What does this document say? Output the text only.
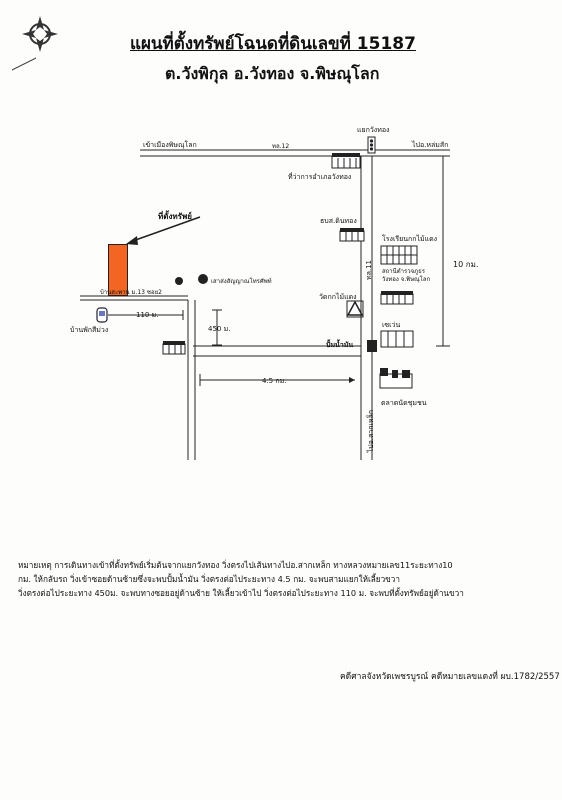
N	แผนที่ตั้งทรัพย์โฉนดที่ดินเลขที่ 15187
ต.วังพิกุล อ.วังทอง จ.พิษณุโลก
แยกวังทอง
เข้าเมืองพิษณุโลก	ไปอ.หล่มสัก
ทล.12
ที่ว่าการอำเภอวังทอง
ที่ตั้งทรัพย์	ธบส.ดินทอง
โรงเรียนกกไม้แดง
สถานีตำรวจภูธรวังทอง จ.พิษณุโลก
10 กม.
ทล.11
วัดกกไม้แดง
เสาส่งสัญญาณโทรศัพท์
บ้านสะพาน ม.13 ซอย2
เซเว่น
110 ม.
450 ม.
ปั้มน้ำมัน
บ้านพักสีม่วง
4.5 กม.
ตลาดนัดชุมชน
ไปอ.สากเหล็ก

หมายเหตุ การเดินทางเข้าที่ตั้งทรัพย์เริ่มต้นจากแยกวังทอง วิ่งตรงไปเส้นทางไปอ.สากเหล็ก ทางหลวงหมายเลข11ระยะทาง10

กม. ให้กลับรถ วิ่งเข้าซอยด้านซ้ายซึ่งจะพบปั้มน้ำมัน วิ่งตรงต่อไประยะทาง 4.5 กม. จะพบสามแยกให้เลี้ยวขวา

วิ่งตรงต่อไประยะทาง 450ม. จะพบทางซอยอยู่ด้านซ้าย ให้เลี้ยวเข้าไป วิ่งตรงต่อไประยะทาง 110 ม. จะพบที่ตั้งทรัพย์อยู่ด้านขวา

คดีศาลจังหวัดเพชรบูรณ์ คดีหมายเลขแดงที่ ผบ.1782/2557
